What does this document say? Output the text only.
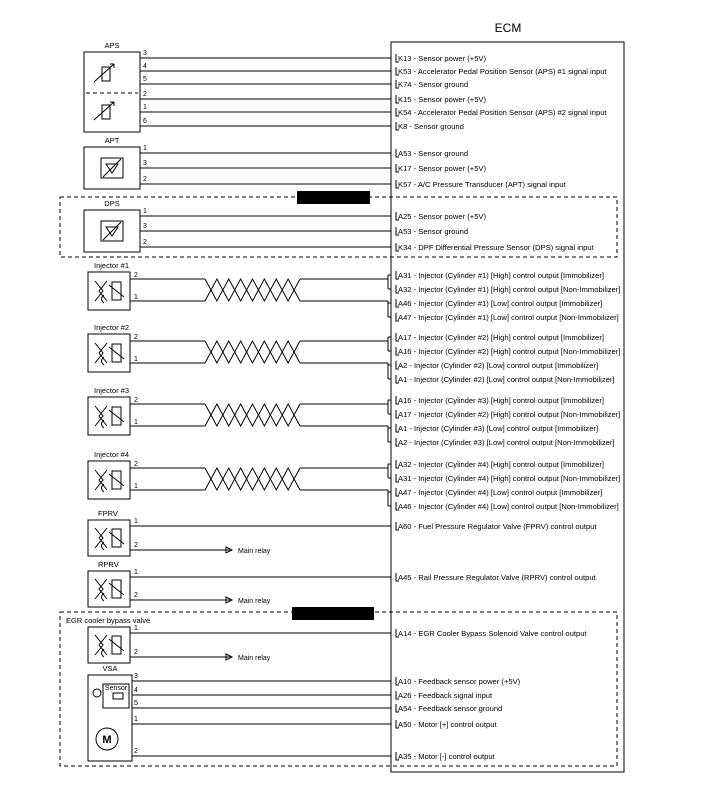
ECM
APS
3
K13 - Sensor power (+5V)
4
K53 - Accelerator Pedal Position Sensor (APS) #1 signal input
5
K74 - Sensor ground
2
K15 - Sensor power (+5V)
1
K54 - Accelerator Pedal Position Sensor (APS) #2 signal input
6
K8 - Sensor ground
APT
1
A53 - Sensor ground
3
K17 - Sensor power (+5V)
2
K57 - A/C Pressure Transducer (APT) signal input
Euro - 5 only
DPS
1
A25 - Sensor power (+5V)
3
A53 - Sensor ground
2
K34 - DPF Differential Pressure Sensor (DPS) signal input
Injector #1
2
1
A31 - Injector (Cylinder #1) [High] control output [Immobilizer]
A32 - Injector (Cylinder #1) [High] control output [Non-Immobilizer]
A46 - Injector (Cylinder #1) [Low] control output [Immobilizer]
A47 - Injector (Cylinder #1) [Low] control output [Non-Immobilizer]
Injector #2
2
1
A17 - Injector (Cylinder #2) [High] control output [Immobilizer]
A16 - Injector (Cylinder #2) [High] control output [Non-Immobilizer]
A2 - Injector (Cylinder #2) [Low] control output [Immobilizer]
A1 - Injector (Cylinder #2) [Low] control output [Non-Immobilizer]
Injector #3
2
1
A16 - Injector (Cylinder #3) [High] control output [Immobilizer]
A17 - Injector (Cylinder #2) [High] control output [Non-Immobilizer]
A1 - Injector (Cylinder #3) [Low] control output [Immobilizer]
A2 - Injector (Cylinder #3) [Low] control output [Non-Immobilizer]
Injector #4
2
1
A32 - Injector (Cylinder #4) [High] control output [Immobilizer]
A31 - Injector (Cylinder #4) [High] control output [Non-Immobilizer]
A47 - Injector (Cylinder #4) [Low] control output [Immobilizer]
A46 - Injector (Cylinder #4) [Low] control output [Non-Immobilizer]
FPRV
1
2
A60 - Fuel Pressure Regulator Valve (FPRV) control output
Main relay
RPRV
1
2
A45 - Rail Pressure Regulator Valve (RPRV) control output
Main relay
Euro - 4/5 only
EGR cooler bypass valve
1
2
A14 - EGR Cooler Bypass Solenoid Valve control output
Main relay
VSA
Sensor
M
3
A10 - Feedback sensor power (+5V)
4
A26 - Feedback signal input
5
A54 - Feedback sensor ground
1
A50 - Motor [+] control output
2
A35 - Motor [-] control output
